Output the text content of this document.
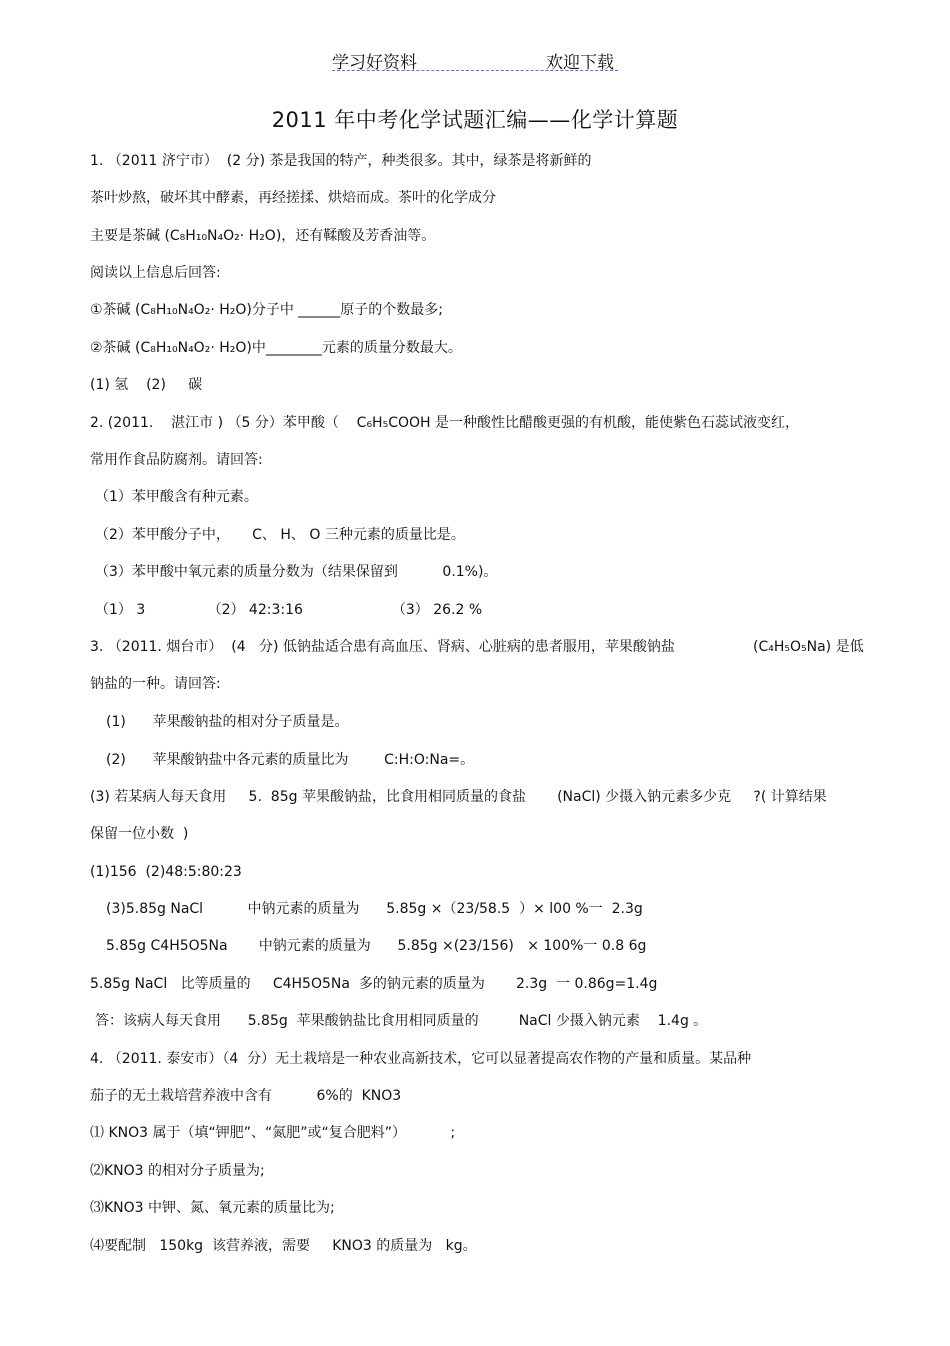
学习好资料	欢迎下载
2011 年中考化学试题汇编——化学计算题
1. （2011 济宁市）  (2 分) 茶是我国的特产，种类很多。其中，绿茶是将新鲜的
茶叶炒熬，破坏其中酵素，再经搓揉、烘焙而成。茶叶的化学成分
主要是茶碱 (C₈H₁₀N₄O₂· H₂O)，还有鞣酸及芳香油等。
阅读以上信息后回答:
①茶碱 (C₈H₁₀N₄O₂· H₂O)分子中 ______原子的个数最多;
②茶碱 (C₈H₁₀N₄O₂· H₂O)中________元素的质量分数最大。
(1) 氢    (2)     碳
2. (2011.    湛江市 ) （5 分）苯甲酸（    C₆H₅COOH 是一种酸性比醋酸更强的有机酸，能使紫色石蕊试液变红，
常用作食品防腐剂。请回答:
（1）苯甲酸含有种元素。
（2）苯甲酸分子中，     C、 H、 O 三种元素的质量比是。
（3）苯甲酸中氧元素的质量分数为（结果保留到          0.1%)。
（1） 3              （2） 42:3:16                    （3） 26.2 %
3. （2011. 烟台市）  (4   分) 低钠盐适合患有高血压、肾病、心脏病的患者服用，苹果酸钠盐	(C₄H₅O₅Na) 是低
钠盐的一种。请回答:
(1)      苹果酸钠盐的相对分子质量是。
(2)      苹果酸钠盐中各元素的质量比为        C:H:O:Na=。
(3) 若某病人每天食用     5.  85g 苹果酸钠盐，比食用相同质量的食盐       (NaCl) 少摄入钠元素多少克     ?( 计算结果
保留一位小数  )
(1)156  (2)48:5:80:23
(3)5.85g NaCl          中钠元素的质量为      5.85g ×（23/58.5  ）× l00 %一  2.3g
5.85g C4H5O5Na       中钠元素的质量为      5.85g ×(23/156)   × 100%一 0.8 6g
5.85g NaCl   比等质量的     C4H5O5Na  多的钠元素的质量为       2.3g  一 0.86g=1.4g
答：该病人每天食用      5.85g  苹果酸钠盐比食用相同质量的         NaCl 少摄入钠元素    1.4g 。
4. （2011. 泰安市）（4  分）无土栽培是一种农业高新技术，它可以显著提高农作物的产量和质量。某品种
茄子的无土栽培营养液中含有          6%的  KNO3
⑴ KNO3 属于（填“钾肥”、“氮肥”或“复合肥料”）          ;
⑵KNO3 的相对分子质量为;
⑶KNO3 中钾、氮、氧元素的质量比为;
⑷要配制   150kg  该营养液，需要     KNO3 的质量为   kg。
